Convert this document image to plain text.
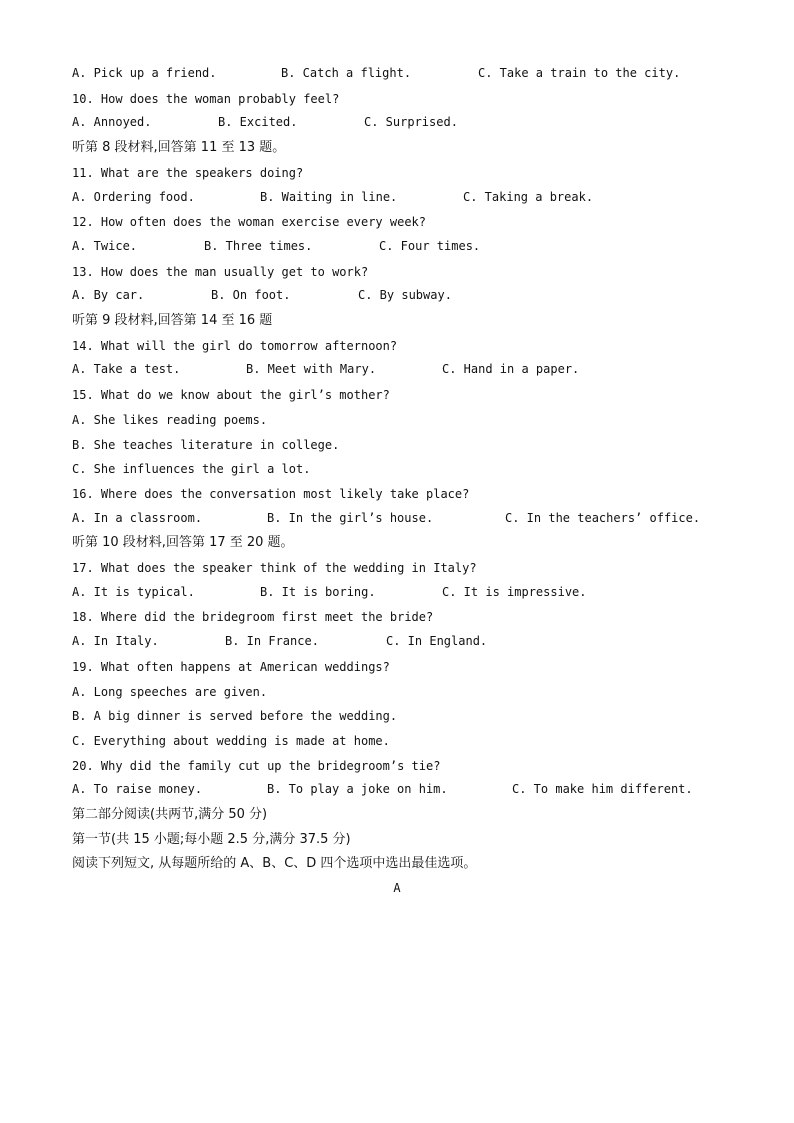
A. Pick up a friend.	B. Catch a flight.	C. Take a train to the city.
10. How does the woman probably feel?
A. Annoyed.	B. Excited.	C. Surprised.
听第 8 段材料,回答第 11 至 13 题。
11. What are the speakers doing?
A. Ordering food.	B. Waiting in line.	C. Taking a break.
12. How often does the woman exercise every week?
A. Twice.	B. Three times.	C. Four times.
13. How does the man usually get to work?
A. By car.	B. On foot.	C. By subway.
听第 9 段材料,回答第 14 至 16 题
14. What will the girl do tomorrow afternoon?
A. Take a test.	B. Meet with Mary.	C. Hand in a paper.
15. What do we know about the girl’s mother?
A. She likes reading poems.
B. She teaches literature in college.
C. She influences the girl a lot.
16. Where does the conversation most likely take place?
A. In a classroom.	B. In the girl’s house.	C. In the teachers’ office.
听第 10 段材料,回答第 17 至 20 题。
17. What does the speaker think of the wedding in Italy?
A. It is typical.	B. It is boring.	C. It is impressive.
18. Where did the bridegroom first meet the bride?
A. In Italy.	B. In France.	C. In England.
19. What often happens at American weddings?
A. Long speeches are given.
B. A big dinner is served before the wedding.
C. Everything about wedding is made at home.
20. Why did the family cut up the bridegroom’s tie?
A. To raise money.	B. To play a joke on him.	C. To make him different.
第二部分阅读(共两节,满分 50 分)
第一节(共 15 小题;每小题 2.5 分,满分 37.5 分)
阅读下列短文, 从每题所给的 A、B、C、D 四个选项中选出最佳选项。
A
